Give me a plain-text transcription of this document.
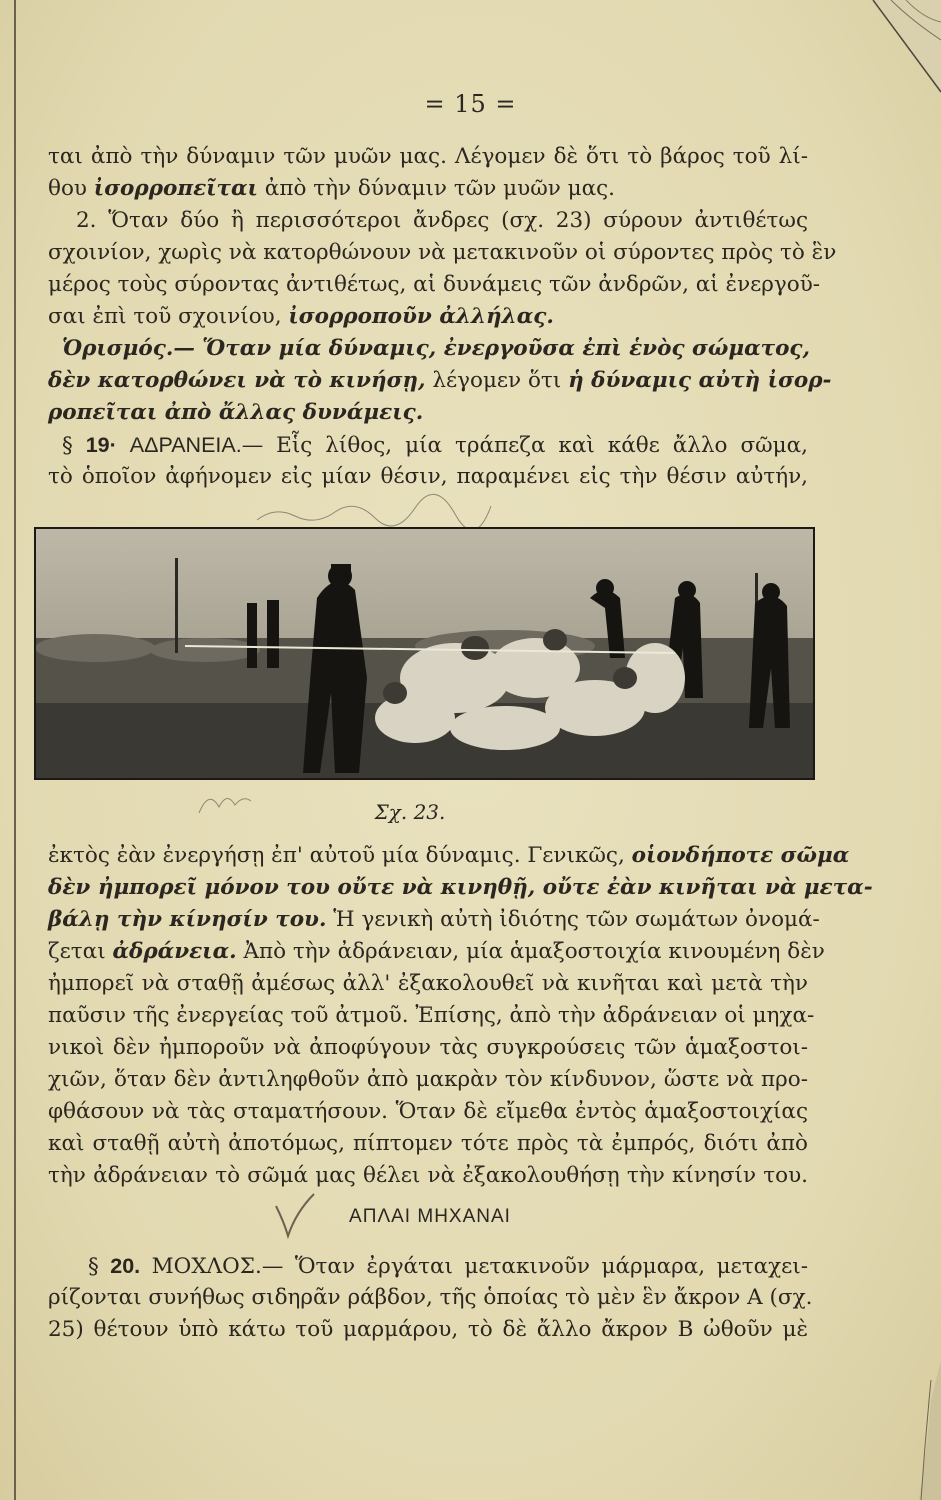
= 15 =
ται ἀπὸ τὴν δύναμιν τῶν μυῶν μας. Λέγομεν δὲ ὅτι τὸ βάρος τοῦ λί-
θου ἰσορροπεῖται ἀπὸ τὴν δύναμιν τῶν μυῶν μας.
2. Ὅταν δύο ἢ περισσότεροι ἄνδρες (σχ. 23) σύρουν ἀντιθέτως
σχοινίον, χωρὶς νὰ κατορθώνουν νὰ μετακινοῦν οἱ σύροντες πρὸς τὸ ἓν
μέρος τοὺς σύροντας ἀντιθέτως, αἱ δυνάμεις τῶν ἀνδρῶν, αἱ ἐνεργοῦ-
σαι ἐπὶ τοῦ σχοινίου, ἰσορροποῦν ἀλλήλας.
Ὁρισμός.— Ὅταν μία δύναμις, ἐνεργοῦσα ἐπὶ ἑνὸς σώματος,
δὲν κατορθώνει νὰ τὸ κινήσῃ, λέγομεν ὅτι ἡ δύναμις αὐτὴ ἰσορ-
ροπεῖται ἀπὸ ἄλλας δυνάμεις.
§ 19· ΑΔΡΑΝΕΙΑ.— Εἷς λίθος, μία τράπεζα καὶ κάθε ἄλλο σῶμα,
τὸ ὁποῖον ἀφήνομεν εἰς μίαν θέσιν, παραμένει εἰς τὴν θέσιν αὐτήν,
Σχ. 23.
ἐκτὸς ἐὰν ἐνεργήσῃ ἐπ' αὐτοῦ μία δύναμις. Γενικῶς, οἱονδήποτε σῶμα
δὲν ἠμπορεῖ μόνον του οὔτε νὰ κινηθῇ, οὔτε ἐὰν κινῆται νὰ μετα-
βάλῃ τὴν κίνησίν του. Ἡ γενικὴ αὐτὴ ἰδιότης τῶν σωμάτων ὀνομά-
ζεται ἀδράνεια. Ἀπὸ τὴν ἀδράνειαν, μία ἁμαξοστοιχία κινουμένη δὲν
ἠμπορεῖ νὰ σταθῇ ἀμέσως ἀλλ' ἐξακολουθεῖ νὰ κινῆται καὶ μετὰ τὴν
παῦσιν τῆς ἐνεργείας τοῦ ἀτμοῦ. Ἐπίσης, ἀπὸ τὴν ἀδράνειαν οἱ μηχα-
νικοὶ δὲν ἠμποροῦν νὰ ἀποφύγουν τὰς συγκρούσεις τῶν ἁμαξοστοι-
χιῶν, ὅταν δὲν ἀντιληφθοῦν ἀπὸ μακρὰν τὸν κίνδυνον, ὥστε νὰ προ-
φθάσουν νὰ τὰς σταματήσουν. Ὅταν δὲ εἴμεθα ἐντὸς ἁμαξοστοιχίας
καὶ σταθῇ αὐτὴ ἀποτόμως, πίπτομεν τότε πρὸς τὰ ἐμπρός, διότι ἀπὸ
τὴν ἀδράνειαν τὸ σῶμά μας θέλει νὰ ἐξακολουθήσῃ τὴν κίνησίν του.
ΑΠΛΑΙ ΜΗΧΑΝΑΙ
§ 20. ΜΟΧΛΟΣ.— Ὅταν ἐργάται μετακινοῦν μάρμαρα, μεταχει-
ρίζονται συνήθως σιδηρᾶν ράβδον, τῆς ὁποίας τὸ μὲν ἓν ἄκρον Α (σχ.
25) θέτουν ὑπὸ κάτω τοῦ μαρμάρου, τὸ δὲ ἄλλο ἄκρον Β ὠθοῦν μὲ
